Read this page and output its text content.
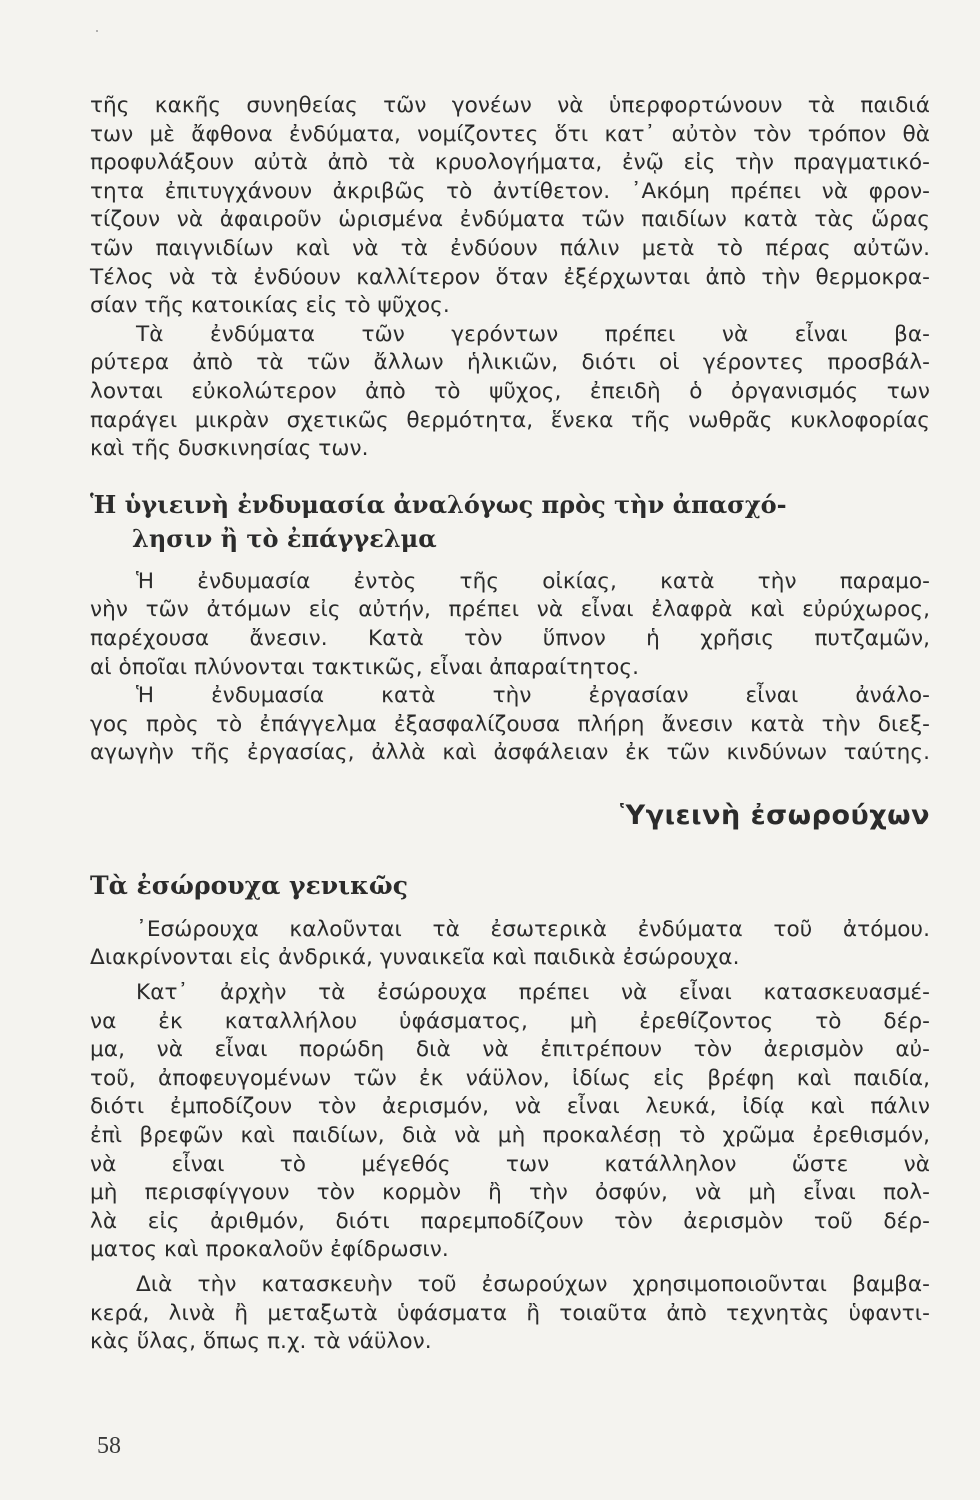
τῆς κακῆς συνηθείας τῶν γονέων νὰ ὑπερφορτώνουν τὰ παιδιά
των μὲ ἄφθονα ἐνδύματα, νομίζοντες ὅτι κατ᾽ αὐτὸν τὸν τρόπον θὰ
προφυλάξουν αὐτὰ ἀπὸ τὰ κρυολογήματα, ἐνῷ εἰς τὴν πραγματικό-
τητα ἐπιτυγχάνουν ἀκριβῶς τὸ ἀντίθετον. ᾽Ακόμη πρέπει νὰ φρον-
τίζουν νὰ ἀφαιροῦν ὡρισμένα ἐνδύματα τῶν παιδίων κατὰ τὰς ὥρας
τῶν παιγνιδίων καὶ νὰ τὰ ἐνδύουν πάλιν μετὰ τὸ πέρας αὐτῶν.
Τέλος νὰ τὰ ἐνδύουν καλλίτερον ὅταν ἐξέρχωνται ἀπὸ τὴν θερμοκρα-
σίαν τῆς κατοικίας εἰς τὸ ψῦχος.
Τὰ ἐνδύματα τῶν γερόντων πρέπει νὰ εἶναι βα-
ρύτερα ἀπὸ τὰ τῶν ἄλλων ἡλικιῶν, διότι οἱ γέροντες προσβάλ-
λονται εὐκολώτερον ἀπὸ τὸ ψῦχος, ἐπειδὴ ὁ ὀργανισμός των
παράγει μικρὰν σχετικῶς θερμότητα, ἕνεκα τῆς νωθρᾶς κυκλοφορίας
καὶ τῆς δυσκινησίας των.
Ἡ ὑγιεινὴ ἐνδυμασία ἀναλόγως πρὸς τὴν ἀπασχό-
λησιν ἢ τὸ ἐπάγγελμα
Ἡ ἐνδυμασία ἐντὸς τῆς οἰκίας, κατὰ τὴν παραμο-
νὴν τῶν ἀτόμων εἰς αὐτήν, πρέπει νὰ εἶναι ἐλαφρὰ καὶ εὐρύχωρος,
παρέχουσα ἄνεσιν. Κατὰ τὸν ὕπνον ἡ χρῆσις πυτζαμῶν,
αἱ ὁποῖαι πλύνονται τακτικῶς, εἶναι ἀπαραίτητος.
Ἡ ἐνδυμασία κατὰ τὴν ἐργασίαν εἶναι ἀνάλο-
γος πρὸς τὸ ἐπάγγελμα ἐξασφαλίζουσα πλήρη ἄνεσιν κατὰ τὴν διεξ-
αγωγὴν τῆς ἐργασίας, ἀλλὰ καὶ ἀσφάλειαν ἐκ τῶν κινδύνων ταύτης.
Ὑγιεινὴ ἐσωρούχων
Τὰ ἐσώρουχα γενικῶς
᾽Εσώρουχα καλοῦνται τὰ ἐσωτερικὰ ἐνδύματα τοῦ ἀτόμου.
Διακρίνονται εἰς ἀνδρικά, γυναικεῖα καὶ παιδικὰ ἐσώρουχα.
Κατ᾽ ἀρχὴν τὰ ἐσώρουχα πρέπει νὰ εἶναι κατασκευασμέ-
να ἐκ καταλλήλου ὑφάσματος, μὴ ἐρεθίζοντος τὸ δέρ-
μα, νὰ εἶναι πορώδη διὰ νὰ ἐπιτρέπουν τὸν ἀερισμὸν αὐ-
τοῦ, ἀποφευγομένων τῶν ἐκ νάϋλον, ἰδίως εἰς βρέφη καὶ παιδία,
διότι ἐμποδίζουν τὸν ἀερισμόν, νὰ εἶναι λευκά, ἰδίᾳ καὶ πάλιν
ἐπὶ βρεφῶν καὶ παιδίων, διὰ νὰ μὴ προκαλέσῃ τὸ χρῶμα ἐρεθισμόν,
νὰ εἶναι τὸ μέγεθός των κατάλληλον ὥστε νὰ
μὴ περισφίγγουν τὸν κορμὸν ἢ τὴν ὀσφύν, νὰ μὴ εἶναι πολ-
λὰ εἰς ἀριθμόν, διότι παρεμποδίζουν τὸν ἀερισμὸν τοῦ δέρ-
ματος καὶ προκαλοῦν ἐφίδρωσιν.
Διὰ τὴν κατασκευὴν τοῦ ἐσωρούχων χρησιμοποιοῦνται βαμβα-
κερά, λινὰ ἢ μεταξωτὰ ὑφάσματα ἢ τοιαῦτα ἀπὸ τεχνητὰς ὑφαντι-
κὰς ὕλας, ὅπως π.χ. τὰ νάϋλον.
58
